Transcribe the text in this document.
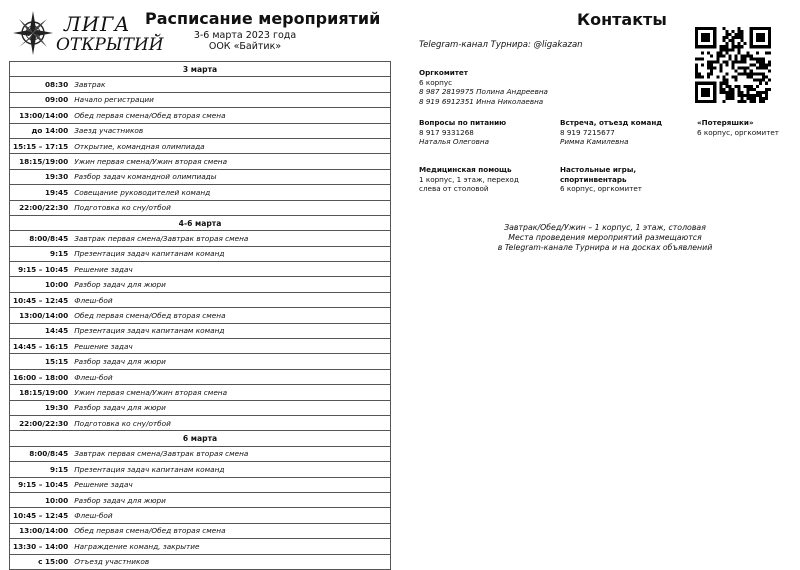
ЛИГА
ОТКРЫТИЙ
Расписание мероприятий
3-6 марта 2023 года
ООК «Байтик»
3 марта	
08:30	Завтрак
09:00	Начало регистрации
13:00/14:00	Обед первая смена/Обед вторая смена
до 14:00	Заезд участников
15:15 – 17:15	Открытие, командная олимпиада
18:15/19:00	Ужин первая смена/Ужин вторая смена
19:30	Разбор задач командной олимпиады
19:45	Совещание руководителей команд
22:00/22:30	Подготовка ко сну/отбой
4-6 марта	
8:00/8:45	Завтрак первая смена/Завтрак вторая смена
9:15	Презентация задач капитанам команд
9:15 – 10:45	Решение задач
10:00	Разбор задач для жюри
10:45 – 12:45	Флеш-бой
13:00/14:00	Обед первая смена/Обед вторая смена
14:45	Презентация задач капитанам команд
14:45 – 16:15	Решение задач
15:15	Разбор задач для жюри
16:00 – 18:00	Флеш-бой
18:15/19:00	Ужин первая смена/Ужин вторая смена
19:30	Разбор задач для жюри
22:00/22:30	Подготовка ко сну/отбой
6 марта	
8:00/8:45	Завтрак первая смена/Завтрак вторая смена
9:15	Презентация задач капитанам команд
9:15 – 10:45	Решение задач
10:00	Разбор задач для жюри
10:45 – 12:45	Флеш-бой
13:00/14:00	Обед первая смена/Обед вторая смена
13:30 – 14:00	Награждение команд, закрытие
с 15:00	Отъезд участников
Контакты
Telegram-канал Турнира: @ligakazan
Оргкомитет
6 корпус
8 987 2819975 Полина Андреевна
8 919 6912351 Инна Николаевна
Вопросы по питанию
8 917 9331268
Наталья Олеговна
Встреча, отъезд команд
8 919 7215677
Римма Камилевна
«Потеряшки»
6 корпус, оргкомитет
Медицинская помощь
1 корпус, 1 этаж, переход
слева от столовой
Настольные игры,
спортинвентарь
6 корпус, оргкомитет
Завтрак/Обед/Ужин – 1 корпус, 1 этаж, столовая
Места проведения мероприятий размещаются
в Telegram-канале Турнира и на досках объявлений
